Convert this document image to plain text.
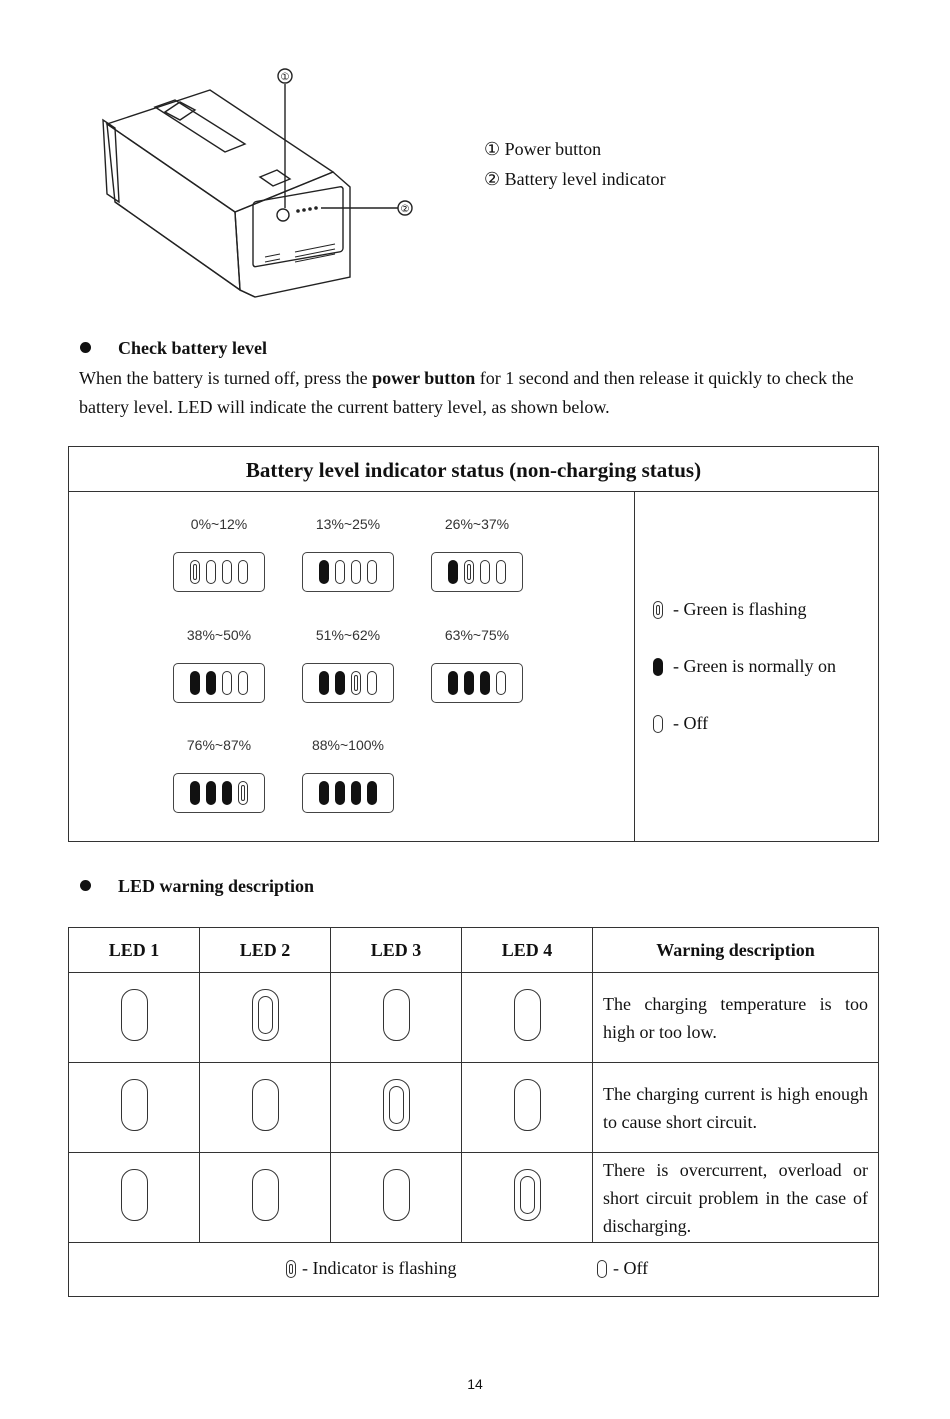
①
②
① Power button
② Battery level indicator
Check battery level
When the battery is turned off, press the power button for 1 second and then release it quickly to check the battery level. LED will indicate the current battery level, as shown below.
Battery level indicator status (non-charging status)
0%~12%	13%~25%	26%~37%
38%~50%	51%~62%	63%~75%
76%~87%	88%~100%
- Green is flashing
- Green is normally on
- Off
LED warning description
LED 1	LED 2	LED 3	LED 4	Warning description
				The charging temperature is too high or too low.
				The charging current is high enough to cause short circuit.
				There is overcurrent, overload or short circuit problem in the case of discharging.

- Indicator is flashing - Off				
14
